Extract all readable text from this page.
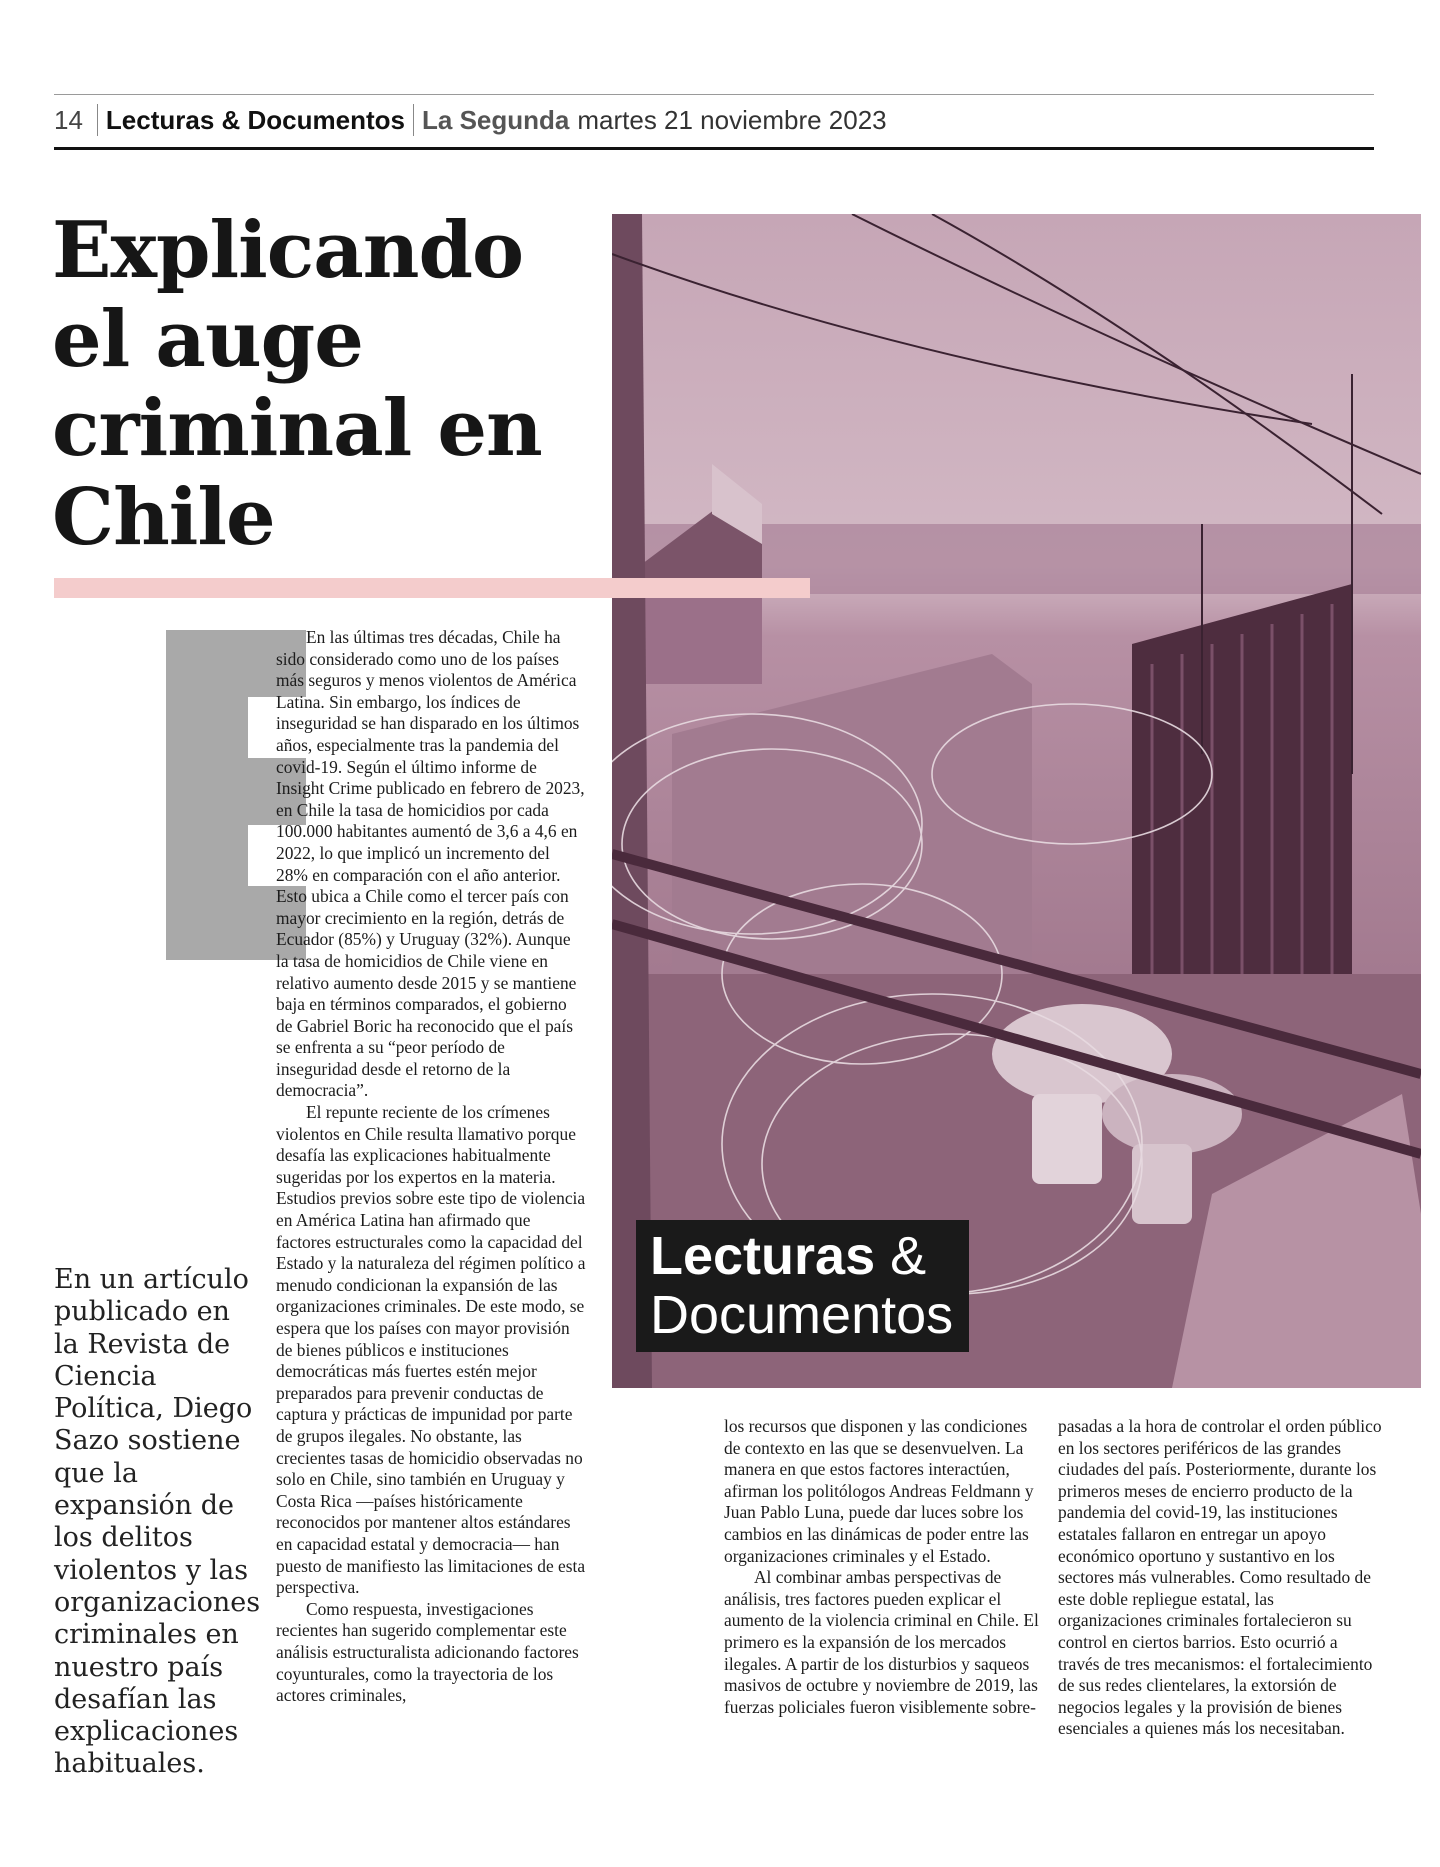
14 Lecturas & Documentos La Segunda martes 21 noviembre 2023
Explicando el auge criminal en Chile
Lecturas &
Documentos

En las últimas tres décadas, Chile ha sido considerado como uno de los países más seguros y menos violentos de América Latina. Sin embargo, los índices de inseguridad se han disparado en los últimos años, especialmente tras la pandemia del covid-19. Según el último informe de Insight Crime publicado en febrero de 2023, en Chile la tasa de homicidios por cada 100.000 habitantes aumentó de 3,6 a 4,6 en 2022, lo que implicó un incremento del 28% en comparación con el año anterior. Esto ubica a Chile como el tercer país con mayor crecimiento en la región, detrás de Ecuador (85%) y Uruguay (32%). Aunque la tasa de homicidios de Chile viene en relativo aumento desde 2015 y se mantiene baja en términos comparados, el gobierno de Gabriel Boric ha reconocido que el país se enfrenta a su “peor período de inseguridad desde el retorno de la democracia”.

El repunte reciente de los crímenes violentos en Chile resulta llamativo porque desafía las explicaciones habitualmente sugeridas por los expertos en la materia. Estudios previos sobre este tipo de violencia en América Latina han afirmado que factores estructurales como la capacidad del Estado y la naturaleza del régimen político a menudo condicionan la expansión de las organizaciones criminales. De este modo, se espera que los países con mayor provisión de bienes públicos e instituciones democráticas más fuertes estén mejor preparados para prevenir conductas de captura y prácticas de impunidad por parte de grupos ilegales. No obstante, las crecientes tasas de homicidio observadas no solo en Chile, sino también en Uruguay y Costa Rica —países históricamente reconocidos por mantener altos estándares en capacidad estatal y democracia— han puesto de manifiesto las limitaciones de esta perspectiva.

Como respuesta, investigaciones recientes han sugerido complementar este análisis estructuralista adicionando factores coyunturales, como la trayectoria de los actores criminales,

los recursos que disponen y las condiciones de contexto en las que se desenvuelven. La manera en que estos factores interactúen, afirman los politólogos Andreas Feldmann y Juan Pablo Luna, puede dar luces sobre los cambios en las dinámicas de poder entre las organizaciones criminales y el Estado.

Al combinar ambas perspectivas de análisis, tres factores pueden explicar el aumento de la violencia criminal en Chile. El primero es la expansión de los mercados ilegales. A partir de los disturbios y saqueos masivos de octubre y noviembre de 2019, las fuerzas policiales fueron visiblemente sobre-

pasadas a la hora de controlar el orden público en los sectores periféricos de las grandes ciudades del país. Posteriormente, durante los primeros meses de encierro producto de la pandemia del covid-19, las instituciones estatales fallaron en entregar un apoyo económico oportuno y sustantivo en los sectores más vulnerables. Como resultado de este doble repliegue estatal, las organizaciones criminales fortalecieron su control en ciertos barrios. Esto ocurrió a través de tres mecanismos: el fortalecimiento de sus redes clientelares, la extorsión de negocios legales y la provisión de bienes esenciales a quienes más los necesitaban.

En un artículo publicado en la Revista de Ciencia Política, Diego Sazo sostiene que la expansión de los delitos violentos y las organizaciones criminales en nuestro país desafían las explicaciones habituales.
